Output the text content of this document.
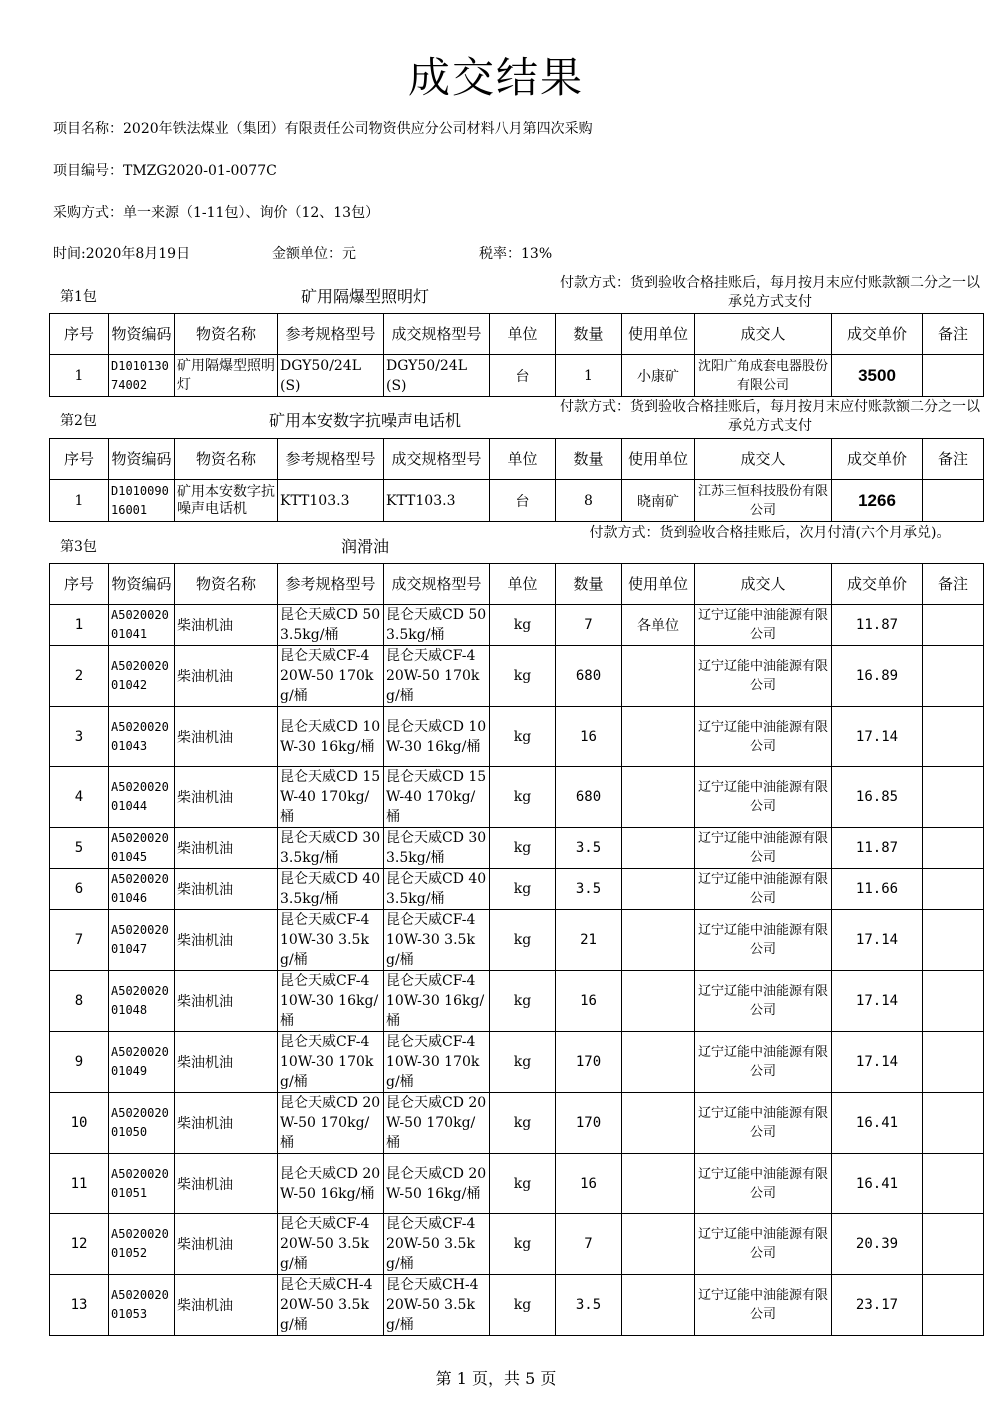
成交结果
项目名称：2020年铁法煤业（集团）有限责任公司物资供应分公司材料八月第四次采购
项目编号：TMZG2020-01-0077C
采购方式：单一来源（1-11包）、询价（12、13包）
时间:2020年8月19日	金额单位：元	税率：13%
第1包	矿用隔爆型照明灯
付款方式：货到验收合格挂账后，每月按月末应付账款额二分之一以承兑方式支付
序号	物资编码	物资名称	参考规格型号	成交规格型号	单位	数量	使用单位	成交人	成交单价	备注
1	D101013074002	矿用隔爆型照明灯	DGY50/24L(S)	DGY50/24L(S)	台	1	小康矿	沈阳广角成套电器股份有限公司	3500	
第2包	矿用本安数字抗噪声电话机
付款方式：货到验收合格挂账后，每月按月末应付账款额二分之一以承兑方式支付
序号	物资编码	物资名称	参考规格型号	成交规格型号	单位	数量	使用单位	成交人	成交单价	备注
1	D101009016001	矿用本安数字抗噪声电话机	KTT103.3	KTT103.3	台	8	晓南矿	江苏三恒科技股份有限公司	1266	
第3包	润滑油
付款方式：货到验收合格挂账后，次月付清(六个月承兑)。
序号	物资编码	物资名称	参考规格型号	成交规格型号	单位	数量	使用单位	成交人	成交单价	备注
1	A502002001041	柴油机油	昆仑天威CD 50 3.5kg/桶	昆仑天威CD 50 3.5kg/桶	kg	7	各单位	辽宁辽能中油能源有限公司	11.87	
2	A502002001042	柴油机油	昆仑天威CF-4 20W-50 170kg/桶	昆仑天威CF-4 20W-50 170kg/桶	kg	680		辽宁辽能中油能源有限公司	16.89	
3	A502002001043	柴油机油	昆仑天威CD 10W-30 16kg/桶	昆仑天威CD 10W-30 16kg/桶	kg	16		辽宁辽能中油能源有限公司	17.14	
4	A502002001044	柴油机油	昆仑天威CD 15W-40 170kg/桶	昆仑天威CD 15W-40 170kg/桶	kg	680		辽宁辽能中油能源有限公司	16.85	
5	A502002001045	柴油机油	昆仑天威CD 30 3.5kg/桶	昆仑天威CD 30 3.5kg/桶	kg	3.5		辽宁辽能中油能源有限公司	11.87	
6	A502002001046	柴油机油	昆仑天威CD 40 3.5kg/桶	昆仑天威CD 40 3.5kg/桶	kg	3.5		辽宁辽能中油能源有限公司	11.66	
7	A502002001047	柴油机油	昆仑天威CF-4 10W-30 3.5kg/桶	昆仑天威CF-4 10W-30 3.5kg/桶	kg	21		辽宁辽能中油能源有限公司	17.14	
8	A502002001048	柴油机油	昆仑天威CF-4 10W-30 16kg/桶	昆仑天威CF-4 10W-30 16kg/桶	kg	16		辽宁辽能中油能源有限公司	17.14	
9	A502002001049	柴油机油	昆仑天威CF-4 10W-30 170kg/桶	昆仑天威CF-4 10W-30 170kg/桶	kg	170		辽宁辽能中油能源有限公司	17.14	
10	A502002001050	柴油机油	昆仑天威CD 20W-50 170kg/桶	昆仑天威CD 20W-50 170kg/桶	kg	170		辽宁辽能中油能源有限公司	16.41	
11	A502002001051	柴油机油	昆仑天威CD 20W-50 16kg/桶	昆仑天威CD 20W-50 16kg/桶	kg	16		辽宁辽能中油能源有限公司	16.41	
12	A502002001052	柴油机油	昆仑天威CF-4 20W-50 3.5kg/桶	昆仑天威CF-4 20W-50 3.5kg/桶	kg	7		辽宁辽能中油能源有限公司	20.39	
13	A502002001053	柴油机油	昆仑天威CH-4 20W-50 3.5kg/桶	昆仑天威CH-4 20W-50 3.5kg/桶	kg	3.5		辽宁辽能中油能源有限公司	23.17	
第 1 页，共 5 页
